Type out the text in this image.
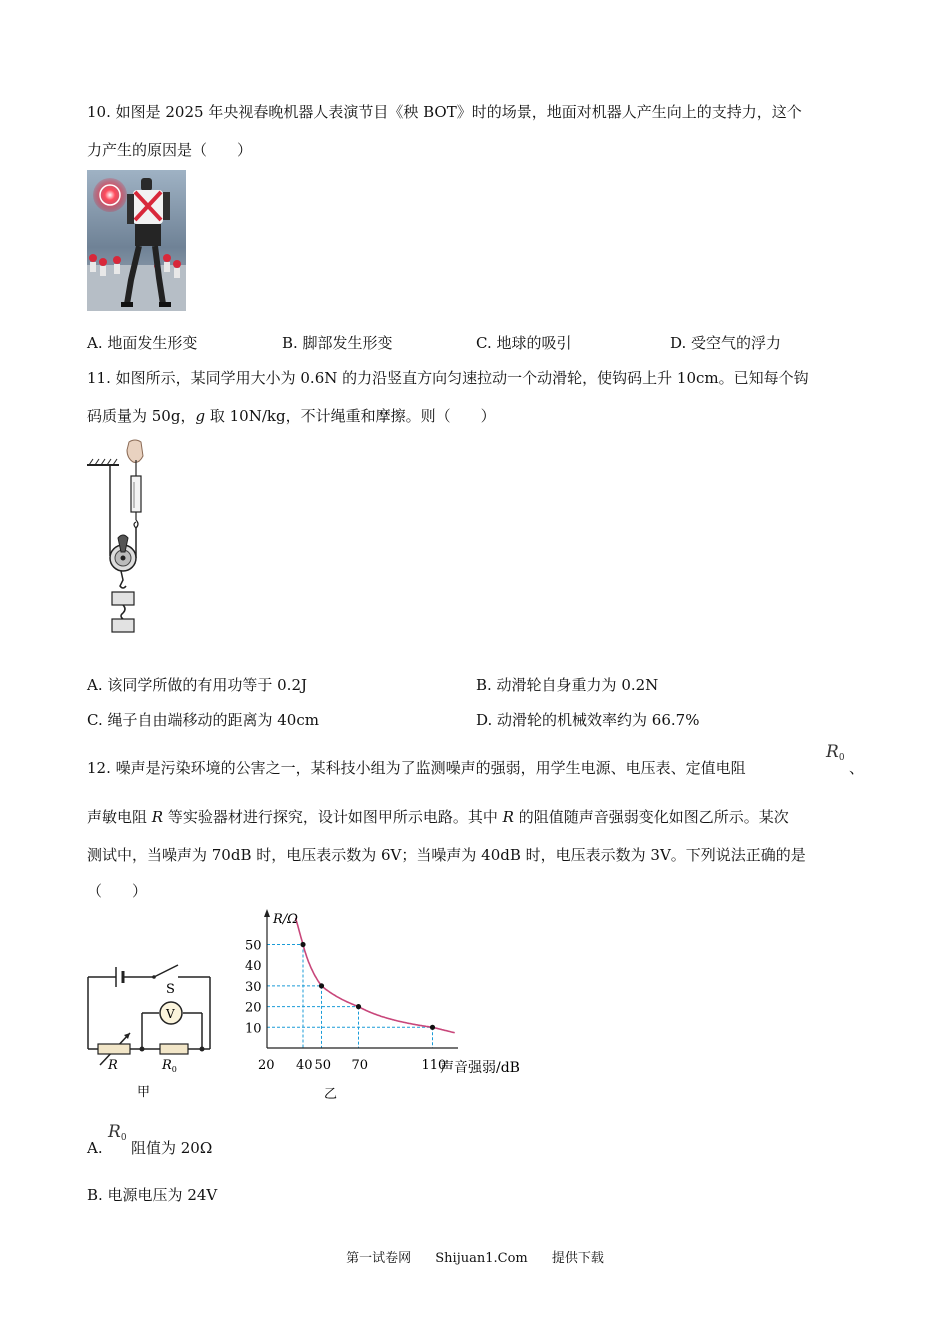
10. 如图是 2025 年央视春晚机器人表演节目《秧 BOT》时的场景，地面对机器人产生向上的支持力，这个
力产生的原因是（　　）
A. 地面发生形变	B. 脚部发生形变	C. 地球的吸引	D. 受空气的浮力
11. 如图所示，某同学用大小为 0.6N 的力沿竖直方向匀速拉动一个动滑轮，使钩码上升 10cm。已知每个钩
码质量为 50g，g 取 10N/kg，不计绳重和摩擦。则（　　）
A. 该同学所做的有用功等于 0.2J	B. 动滑轮自身重力为 0.2N
C. 绳子自由端移动的距离为 40cm	D. 动滑轮的机械效率约为 66.7%
12. 噪声是污染环境的公害之一，某科技小组为了监测噪声的强弱，用学生电源、电压表、定值电阻
$R_0$
、
声敏电阻 R 等实验器材进行探究，设计如图甲所示电路。其中 R 的阻值随声音强弱变化如图乙所示。某次
测试中，当噪声为 70dB 时，电压表示数为 6V；当噪声为 40dB 时，电压表示数为 3V。下列说法正确的是
（　　）
S
V
R	$R_0$
甲
50
40
30
20
10
20 40 50 70	110
R/Ω
声音强弱/dB
乙
A.
$R_0$
阻值为 20Ω
B. 电源电压为 24V
第一试卷网 Shijuan1.Com 提供下载
